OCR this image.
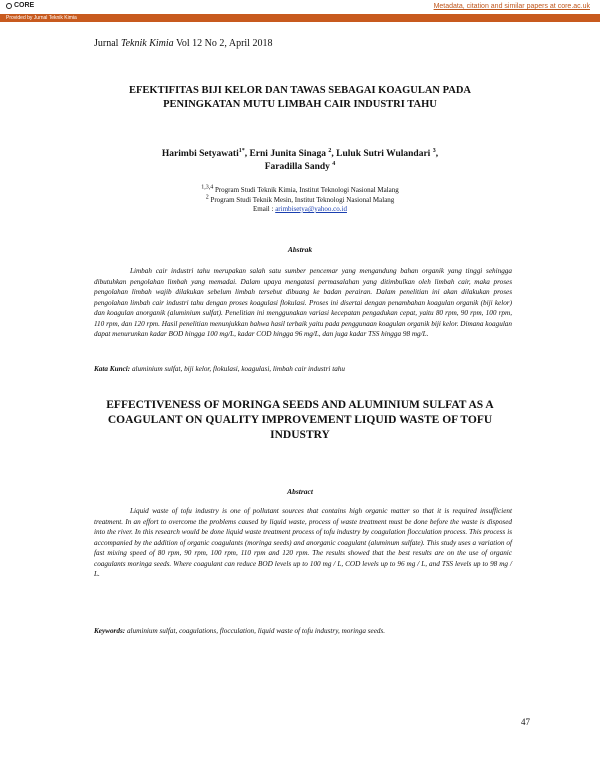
CORE	Metadata, citation and similar papers at core.ac.uk
Provided by Jurnal Teknik Kimia
Jurnal Teknik Kimia Vol 12 No 2, April 2018
EFEKTIFITAS BIJI KELOR DAN TAWAS SEBAGAI KOAGULAN PADA PENINGKATAN MUTU LIMBAH CAIR INDUSTRI TAHU
Harimbi Setyawati$^{1*}$, Erni Junita Sinaga $^2$, Luluk Sutri Wulandari $^3$,
Faradilla Sandy $^4$
$^{1,3,4}$ Program Studi Teknik Kimia, Institut Teknologi Nasional Malang
$^2$ Program Studi Teknik Mesin, Institut Teknologi Nasional Malang
Email : arimbisetya@yahoo.co.id
Abstrak
Limbah cair industri tahu merupakan salah satu sumber pencemar yang mengandung bahan organik yang tinggi sehingga dibutuhkan pengolahan limbah yang memadai. Dalam upaya mengatasi permasalahan yang ditimbulkan oleh limbah cair, maka proses pengolahan limbah wajib dilakukan sebelum limbah tersebut dibuang ke badan perairan. Dalam penelitian ini akan dilakukan proses pengolahan limbah cair industri tahu dengan proses koagulasi flokulasi. Proses ini disertai dengan penambahan koagulan organik (biji kelor) dan koagulan anorganik (aluminium sulfat). Penelitian ini menggunakan variasi kecepatan pengadukan cepat, yaitu 80 rpm, 90 rpm, 100 rpm, 110 rpm, dan 120 rpm. Hasil penelitian menunjukkan bahwa hasil terbaik yaitu pada penggunaan koagulan organik biji kelor. Dimana koagulan dapat menurunkan kadar BOD hingga 100 mg/L, kadar COD hingga 96 mg/L, dan juga kadar TSS hingga 98 mg/L.
Kata Kunci: aluminium sulfat, biji kelor, flokulasi, koagulasi, limbah cair industri tahu
EFFECTIVENESS OF MORINGA SEEDS AND ALUMINIUM SULFAT AS A COAGULANT ON QUALITY IMPROVEMENT LIQUID WASTE OF TOFU INDUSTRY
Abstract
Liquid waste of tofu industry is one of pollutant sources that contains high organic matter so that it is required insufficient treatment. In an effort to overcome the problems caused by liquid waste, process of waste treatment must be done before the waste is disposed into the river. In this research would be done liquid waste treatment process of tofu industry by coagulation flocculation process. This process is accompanied by the addition of organic coagulants (moringa seeds) and anorganic coagulant (aluminum sulfate). This study uses a variation of fast mixing speed of 80 rpm, 90 rpm, 100 rpm, 110 rpm and 120 rpm. The results showed that the best results are on the use of organic coagulants moringa seeds. Where coagulant can reduce BOD levels up to 100 mg / L, COD levels up to 96 mg / L, and TSS levels up to 98 mg / L.
Keywords: aluminium sulfat, coagulations, flocculation, liquid waste of tofu industry, moringa seeds.
47
